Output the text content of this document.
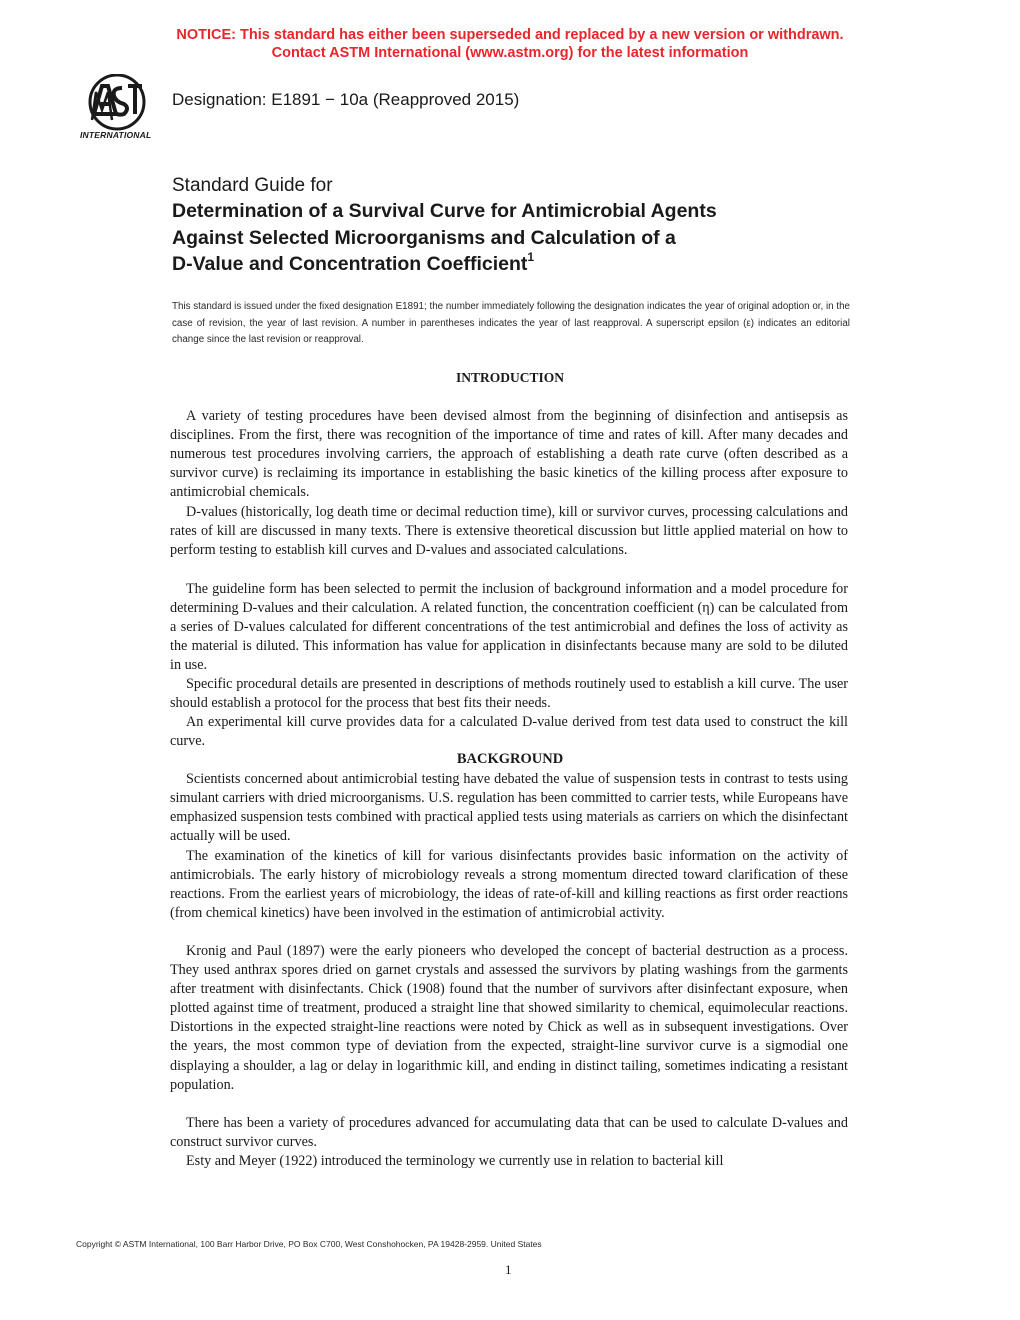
NOTICE: This standard has either been superseded and replaced by a new version or withdrawn.
Contact ASTM International (www.astm.org) for the latest information
INTERNATIONAL
Designation: E1891 − 10a (Reapproved 2015)
Standard Guide for
Determination of a Survival Curve for Antimicrobial Agents
Against Selected Microorganisms and Calculation of a
D-Value and Concentration Coefficient$^1$
This standard is issued under the fixed designation E1891; the number immediately following the designation indicates the year of original adoption or, in the case of revision, the year of last revision. A number in parentheses indicates the year of last reapproval. A superscript epsilon (ε) indicates an editorial change since the last revision or reapproval.
INTRODUCTION

A variety of testing procedures have been devised almost from the beginning of disinfection and antisepsis as disciplines. From the first, there was recognition of the importance of time and rates of kill. After many decades and numerous test procedures involving carriers, the approach of establishing a death rate curve (often described as a survivor curve) is reclaiming its importance in establishing the basic kinetics of the killing process after exposure to antimicrobial chemicals.

D-values (historically, log death time or decimal reduction time), kill or survivor curves, processing calculations and rates of kill are discussed in many texts. There is extensive theoretical discussion but little applied material on how to perform testing to establish kill curves and D-values and associated calculations.

The guideline form has been selected to permit the inclusion of background information and a model procedure for determining D-values and their calculation. A related function, the concentration coefficient (η) can be calculated from a series of D-values calculated for different concentrations of the test antimicrobial and defines the loss of activity as the material is diluted. This information has value for application in disinfectants because many are sold to be diluted in use.

Specific procedural details are presented in descriptions of methods routinely used to establish a kill curve. The user should establish a protocol for the process that best fits their needs.

An experimental kill curve provides data for a calculated D-value derived from test data used to construct the kill curve.

BACKGROUND

Scientists concerned about antimicrobial testing have debated the value of suspension tests in contrast to tests using simulant carriers with dried microorganisms. U.S. regulation has been committed to carrier tests, while Europeans have emphasized suspension tests combined with practical applied tests using materials as carriers on which the disinfectant actually will be used.

The examination of the kinetics of kill for various disinfectants provides basic information on the activity of antimicrobials. The early history of microbiology reveals a strong momentum directed toward clarification of these reactions. From the earliest years of microbiology, the ideas of rate-of-kill and killing reactions as first order reactions (from chemical kinetics) have been involved in the estimation of antimicrobial activity.

Kronig and Paul (1897) were the early pioneers who developed the concept of bacterial destruction as a process. They used anthrax spores dried on garnet crystals and assessed the survivors by plating washings from the garments after treatment with disinfectants. Chick (1908) found that the number of survivors after disinfectant exposure, when plotted against time of treatment, produced a straight line that showed similarity to chemical, equimolecular reactions. Distortions in the expected straight-line reactions were noted by Chick as well as in subsequent investigations. Over the years, the most common type of deviation from the expected, straight-line survivor curve is a sigmodial one displaying a shoulder, a lag or delay in logarithmic kill, and ending in distinct tailing, sometimes indicating a resistant population.

There has been a variety of procedures advanced for accumulating data that can be used to calculate D-values and construct survivor curves.

Esty and Meyer (1922) introduced the terminology we currently use in relation to bacterial kill

Copyright © ASTM International, 100 Barr Harbor Drive, PO Box C700, West Conshohocken, PA 19428-2959. United States
1
